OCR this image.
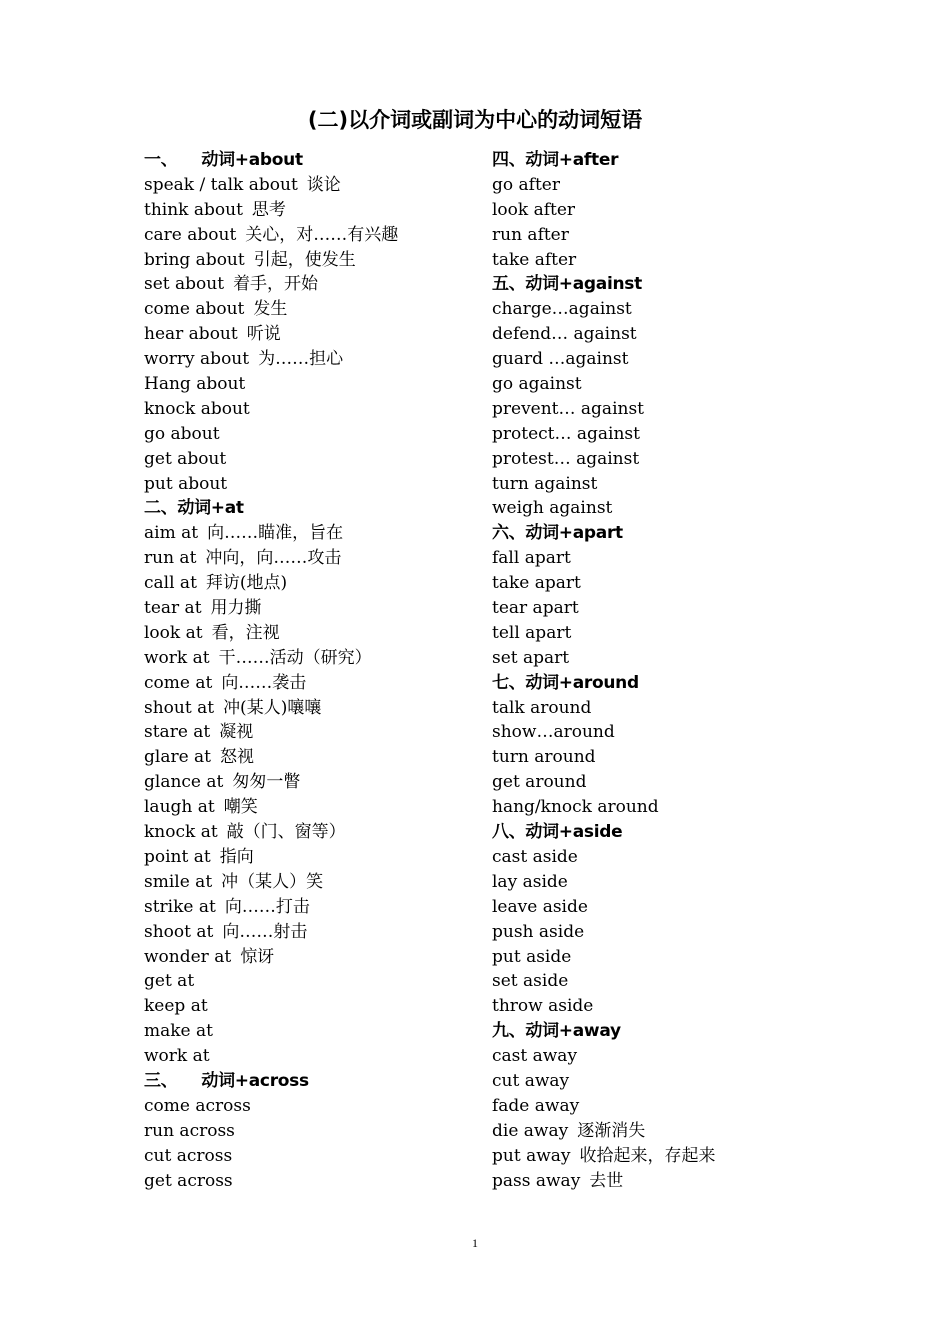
(二)以介词或副词为中心的动词短语
一、 动词+about
speak / talk about 谈论
think about 思考
care about 关心，对……有兴趣
bring about 引起，使发生
set about 着手，开始
come about 发生
hear about 听说
worry about 为……担心
Hang about
knock about
go about
get about
put about
二、动词+at
aim at 向……瞄准，旨在
run at 冲向，向……攻击
call at 拜访(地点)
tear at 用力撕
look at 看，注视
work at 干……活动（研究）
come at 向……袭击
shout at 冲(某人)嚷嚷
stare at 凝视
glare at 怒视
glance at 匆匆一瞥
laugh at 嘲笑
knock at 敲（门、窗等）
point at 指向
smile at 冲（某人）笑
strike at 向……打击
shoot at 向……射击
wonder at 惊讶
get at
keep at
make at
work at
三、 动词+across
come across
run across
cut across
get across
四、动词+after
go after
look after
run after
take after
五、动词+against
charge…against
defend… against
guard …against
go against
prevent… against
protect… against
protest… against
turn against
weigh against
六、动词+apart
fall apart
take apart
tear apart
tell apart
set apart
七、动词+around
talk around
show…around
turn around
get around
hang/knock around
八、动词+aside
cast aside
lay aside
leave aside
push aside
put aside
set aside
throw aside
九、动词+away
cast away
cut away
fade away
die away 逐渐消失
put away 收拾起来，存起来
pass away 去世
1
